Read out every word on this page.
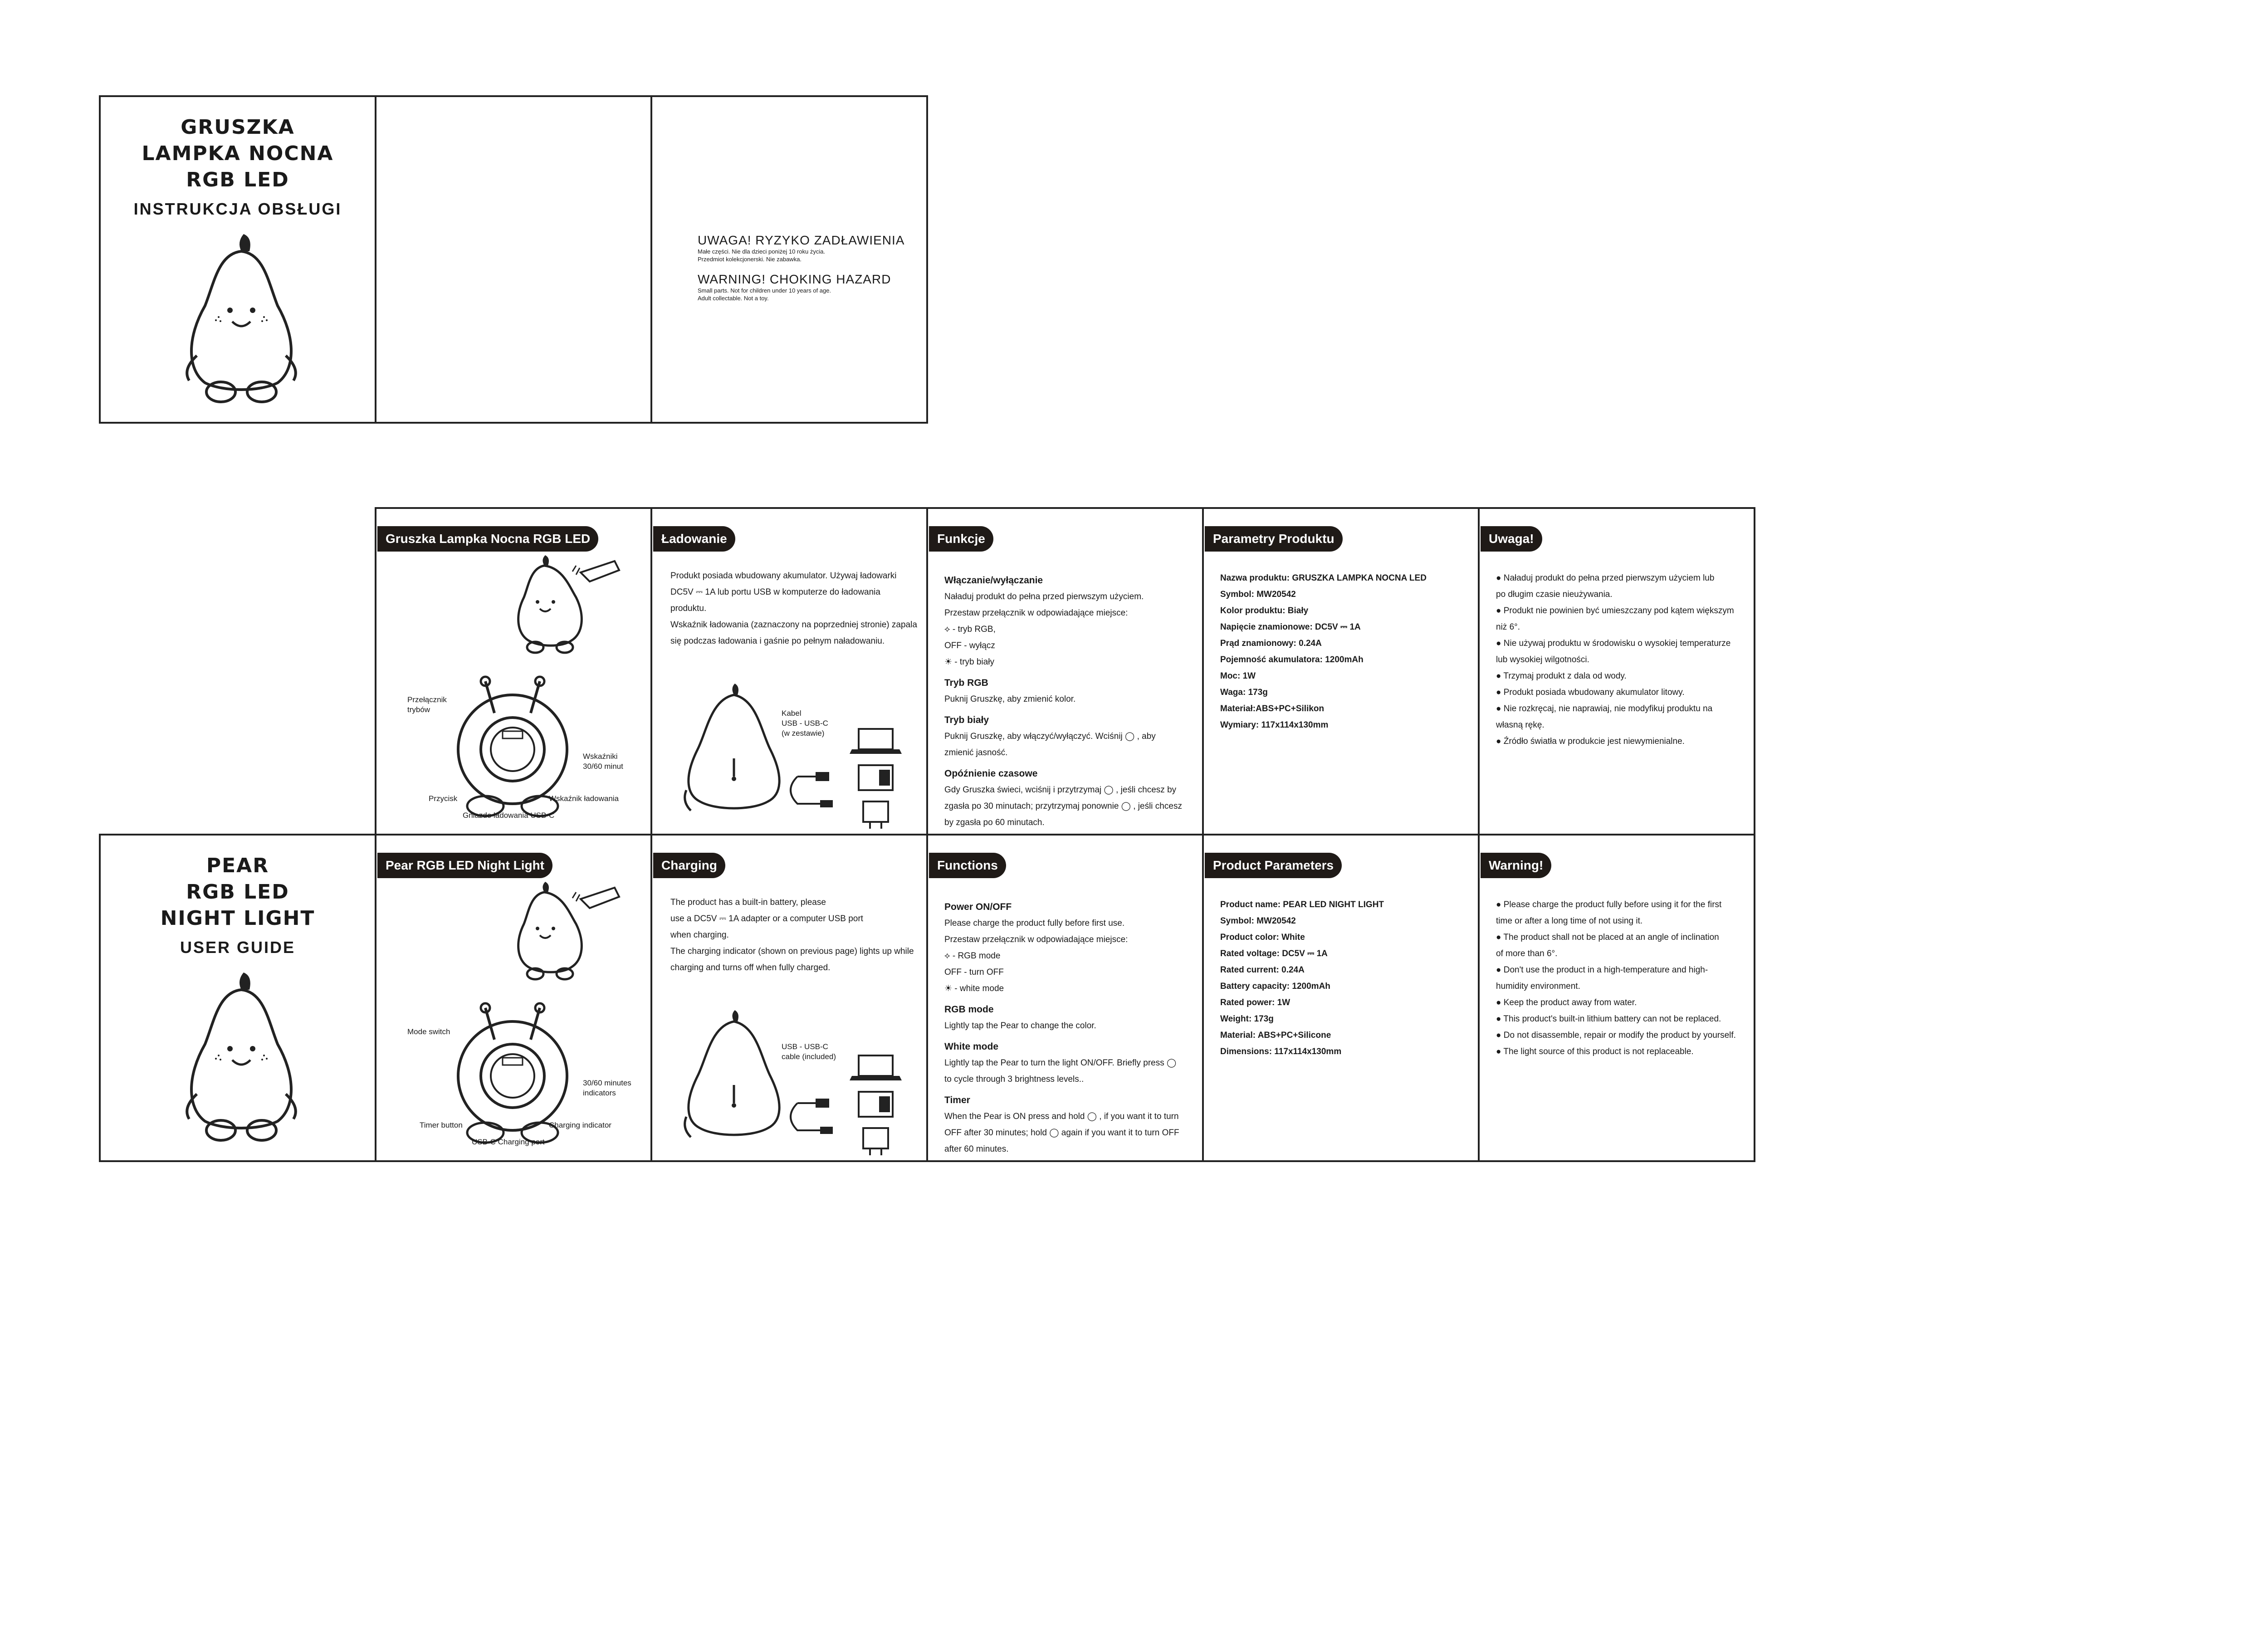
GRUSZKA
LAMPKA NOCNA
RGB LED
INSTRUKCJA OBSŁUGI
UWAGA! RYZYKO ZADŁAWIENIA
Małe części. Nie dla dzieci poniżej 10 roku życia.
Przedmiot kolekcjonerski. Nie zabawka.
WARNING! CHOKING HAZARD
Small parts. Not for children under 10 years of age.
Adult collectable. Not a toy.
Gruszka Lampka Nocna RGB LED
Przełącznik
trybów
Wskaźniki
30/60 minut
Przycisk	Wskaźnik ładowania
Gniazdo ładowania USB-C
Ładowanie

Produkt posiada wbudowany akumulator. Używaj ładowarki

DC5V ⎓ 1A lub portu USB w komputerze do ładowania

produktu.

Wskaźnik ładowania (zaznaczony na poprzedniej stronie) zapala

się podczas ładowania i gaśnie po pełnym naładowaniu.

Kabel
USB - USB-C
(w zestawie)
Funkcje

Włączanie/wyłączanie

Naładuj produkt do pełna przed pierwszym użyciem.

Przestaw przełącznik w odpowiadające miejsce:

⟡ - tryb RGB,

OFF - wyłącz

☀ - tryb biały

Tryb RGB

Puknij Gruszkę, aby zmienić kolor.

Tryb biały

Puknij Gruszkę, aby włączyć/wyłączyć. Wciśnij ◯ , aby

zmienić jasność.

Opóźnienie czasowe

Gdy Gruszka świeci, wciśnij i przytrzymaj ◯ , jeśli chcesz by

zgasła po 30 minutach; przytrzymaj ponownie ◯ , jeśli chcesz

by zgasła po 60 minutach.

Parametry Produktu

Nazwa produktu: GRUSZKA LAMPKA NOCNA LED

Symbol: MW20542

Kolor produktu: Biały

Napięcie znamionowe: DC5V ⎓ 1A

Prąd znamionowy: 0.24A

Pojemność akumulatora: 1200mAh

Moc: 1W

Waga: 173g

Materiał:ABS+PC+Silikon

Wymiary: 117x114x130mm

Uwaga!

● Naładuj produkt do pełna przed pierwszym użyciem lub

po długim czasie nieużywania.

● Produkt nie powinien być umieszczany pod kątem większym

niż 6°.

● Nie używaj produktu w środowisku o wysokiej temperaturze

lub wysokiej wilgotności.

● Trzymaj produkt z dala od wody.

● Produkt posiada wbudowany akumulator litowy.

● Nie rozkręcaj, nie naprawiaj, nie modyfikuj produktu na

własną rękę.

● Źródło światła w produkcie jest niewymienialne.

PEAR
RGB LED
NIGHT LIGHT
USER GUIDE
Pear RGB LED Night Light
Mode switch
30/60 minutes
indicators
Timer button	Charging indicator
USB-C Charging port
Charging

The product has a built-in battery, please

use a DC5V ⎓ 1A adapter or a computer USB port

when charging.

The charging indicator (shown on previous page) lights up while

charging and turns off when fully charged.

USB - USB-C
cable (included)
Functions

Power ON/OFF

Please charge the product fully before first use.

Przestaw przełącznik w odpowiadające miejsce:

⟡ - RGB mode

OFF - turn OFF

☀ - white mode

RGB mode

Lightly tap the Pear to change the color.

White mode

Lightly tap the Pear to turn the light ON/OFF. Briefly press ◯

to cycle through 3 brightness levels..

Timer

When the Pear is ON press and hold ◯ , if you want it to turn

OFF after 30 minutes; hold ◯ again if you want it to turn OFF

after 60 minutes.

Product Parameters

Product name: PEAR LED NIGHT LIGHT

Symbol: MW20542

Product color: White

Rated voltage: DC5V ⎓ 1A

Rated current: 0.24A

Battery capacity: 1200mAh

Rated power: 1W

Weight: 173g

Material: ABS+PC+Silicone

Dimensions: 117x114x130mm

Warning!

● Please charge the product fully before using it for the first

time or after a long time of not using it.

● The product shall not be placed at an angle of inclination

of more than 6°.

● Don't use the product in a high-temperature and high-

humidity environment.

● Keep the product away from water.

● This product's built-in lithium battery can not be replaced.

● Do not disassemble, repair or modify the product by yourself.

● The light source of this product is not replaceable.
